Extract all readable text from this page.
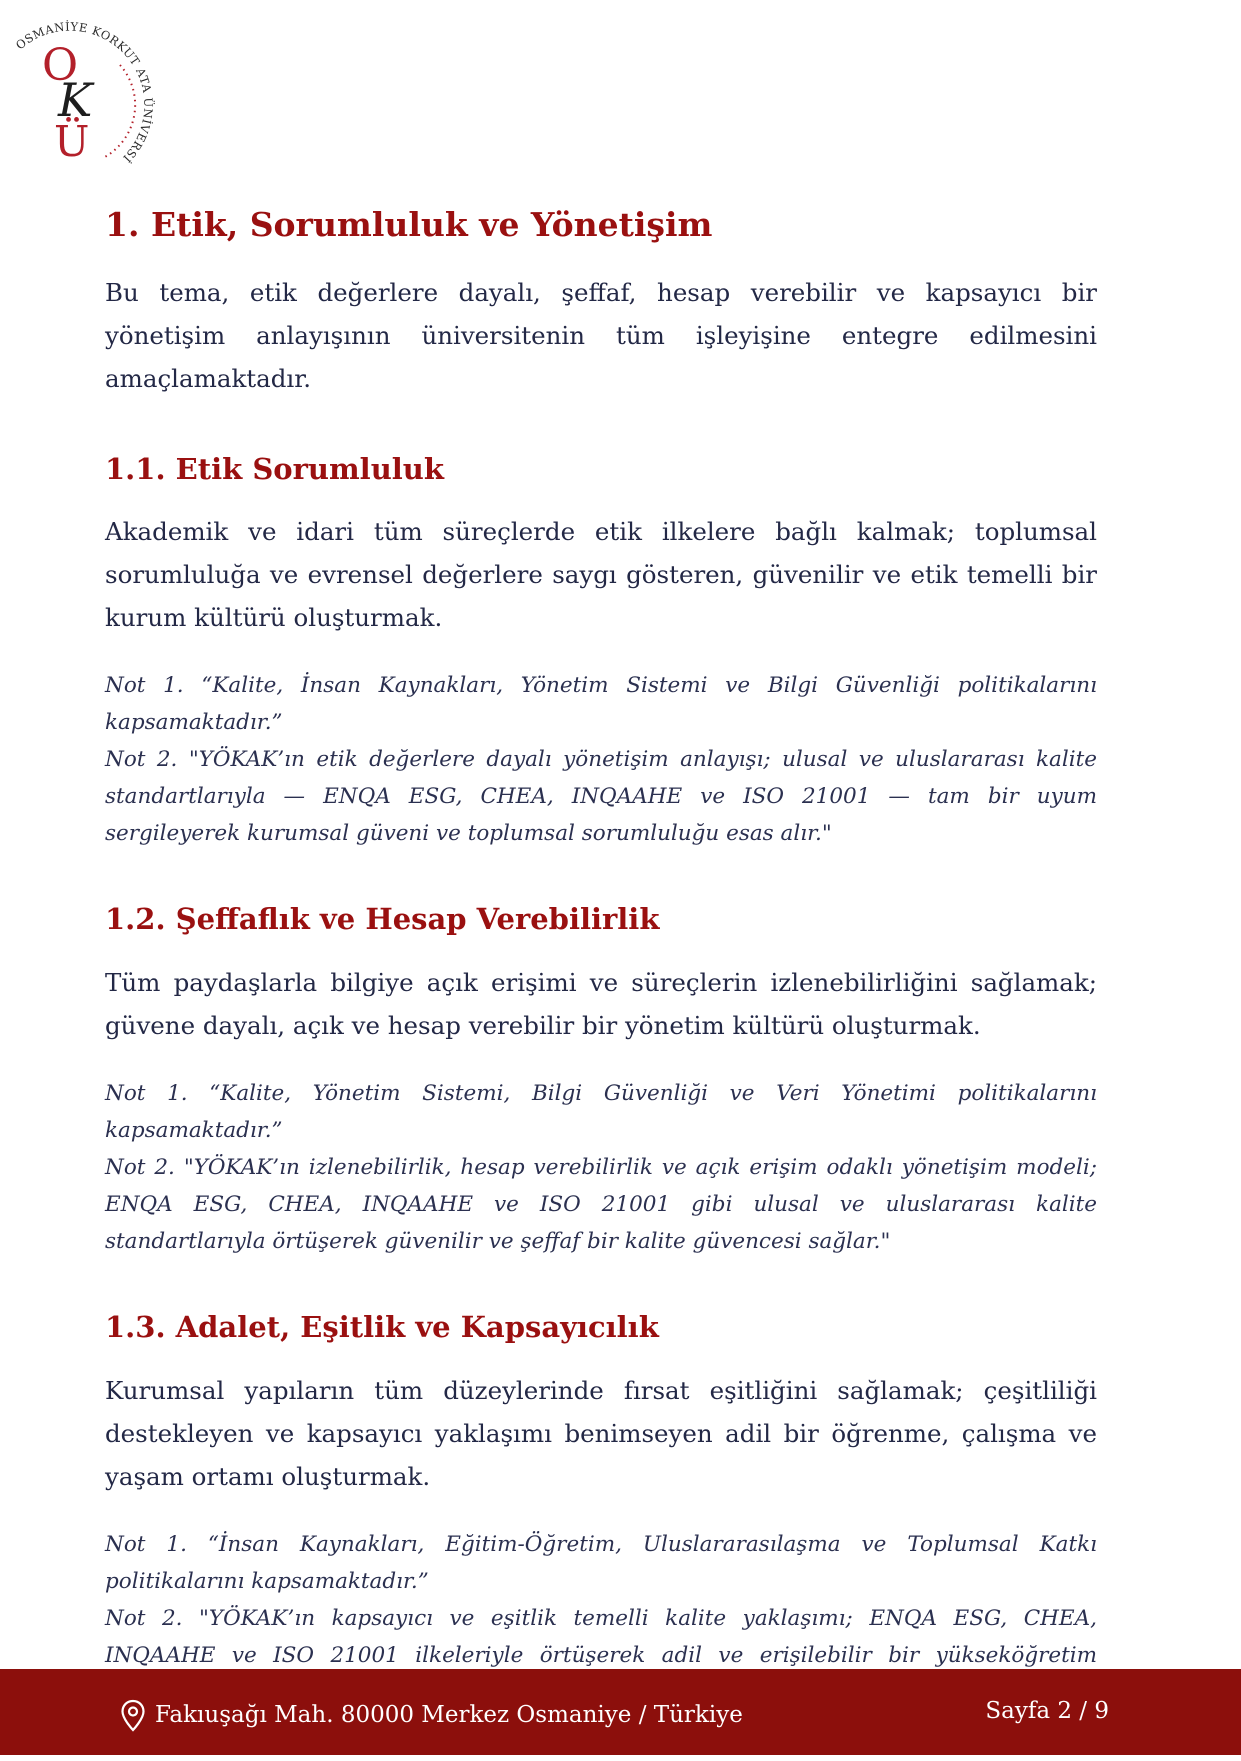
OSMANİYE KORKUT ATA ÜNİVERSİ
O
K
Ü
1. Etik, Sorumluluk ve Yönetişim

Bu tema, etik değerlere dayalı, şeffaf, hesap verebilir ve kapsayıcı bir yönetişim anlayışının üniversitenin tüm işleyişine entegre edilmesini amaçlamaktadır.

1.1. Etik Sorumluluk

Akademik ve idari tüm süreçlerde etik ilkelere bağlı kalmak; toplumsal sorumluluğa ve evrensel değerlere saygı gösteren, güvenilir ve etik temelli bir kurum kültürü oluşturmak.

Not 1. “Kalite, İnsan Kaynakları, Yönetim Sistemi ve Bilgi Güvenliği politikalarını kapsamaktadır.”

Not 2. "YÖKAK’ın etik değerlere dayalı yönetişim anlayışı; ulusal ve uluslararası kalite standartlarıyla — ENQA ESG, CHEA, INQAAHE ve ISO 21001 — tam bir uyum sergileyerek kurumsal güveni ve toplumsal sorumluluğu esas alır."

1.2. Şeffaflık ve Hesap Verebilirlik

Tüm paydaşlarla bilgiye açık erişimi ve süreçlerin izlenebilirliğini sağlamak; güvene dayalı, açık ve hesap verebilir bir yönetim kültürü oluşturmak.

Not 1. “Kalite, Yönetim Sistemi, Bilgi Güvenliği ve Veri Yönetimi politikalarını kapsamaktadır.”

Not 2. "YÖKAK’ın izlenebilirlik, hesap verebilirlik ve açık erişim odaklı yönetişim modeli; ENQA ESG, CHEA, INQAAHE ve ISO 21001 gibi ulusal ve uluslararası kalite standartlarıyla örtüşerek güvenilir ve şeffaf bir kalite güvencesi sağlar."

1.3. Adalet, Eşitlik ve Kapsayıcılık

Kurumsal yapıların tüm düzeylerinde fırsat eşitliğini sağlamak; çeşitliliği destekleyen ve kapsayıcı yaklaşımı benimseyen adil bir öğrenme, çalışma ve yaşam ortamı oluşturmak.

Not 1. “İnsan Kaynakları, Eğitim-Öğretim, Uluslararasılaşma ve Toplumsal Katkı politikalarını kapsamaktadır.”

Not 2. "YÖKAK’ın kapsayıcı ve eşitlik temelli kalite yaklaşımı; ENQA ESG, CHEA, INQAAHE ve ISO 21001 ilkeleriyle örtüşerek adil ve erişilebilir bir yükseköğretim

Fakıuşağı Mah. 80000 Merkez Osmaniye / Türkiye	Sayfa 2 / 9
